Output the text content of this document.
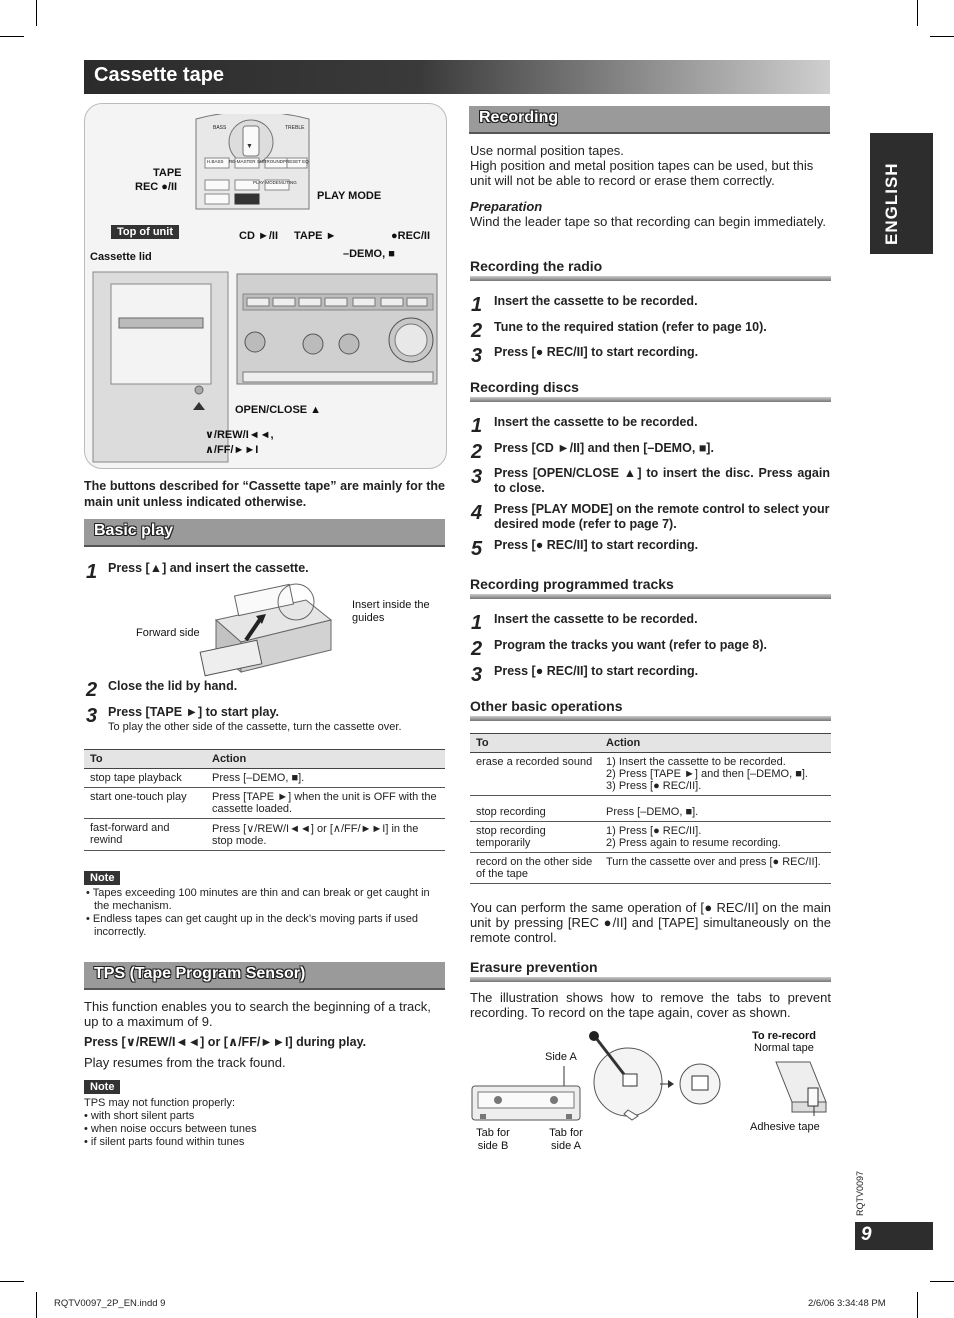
Cassette tape
ENGLISH
▼
BASS	TREBLE
H.BASS RE-MASTER SURROUND PRESET EQ
PLAY MODE MUTING
TAPE
REC ●/II
PLAY MODE
Top of unit
Cassette lid
CD ►/II TAPE ►	●REC/II
–DEMO, ■
OPEN/CLOSE ▲
∨/REW/I◄◄,
∧/FF/►►I
The buttons described for “Cassette tape” are mainly for the main unit unless indicated otherwise.
Basic play
1 Press [▲] and insert the cassette.
Forward side
Insert inside the guides
2 Close the lid by hand.
3 Press [TAPE ►] to start play.
To play the other side of the cassette, turn the cassette over.
To	Action
stop tape playback	Press [–DEMO, ■].
start one-touch play	Press [TAPE ►] when the unit is OFF with the cassette loaded.
fast-forward and rewind	Press [∨/REW/I◄◄] or [∧/FF/►►I] in the stop mode.
Note
• Tapes exceeding 100 minutes are thin and can break or get caught in the mechanism.
• Endless tapes can get caught up in the deck’s moving parts if used incorrectly.
TPS (Tape Program Sensor)
This function enables you to search the beginning of a track, up to a maximum of 9.
Press [∨/REW/I◄◄] or [∧/FF/►►I] during play.
Play resumes from the track found.
Note
TPS may not function properly:
• with short silent parts
• when noise occurs between tunes
• if silent parts found within tunes
Recording
Use normal position tapes.
High position and metal position tapes can be used, but this unit will not be able to record or erase them correctly.
Preparation
Wind the leader tape so that recording can begin immediately.
Recording the radio
1 Insert the cassette to be recorded.
2 Tune to the required station (refer to page 10).
3 Press [● REC/II] to start recording.
Recording discs
1 Insert the cassette to be recorded.
2 Press [CD ►/II] and then [–DEMO, ■].
3 Press [OPEN/CLOSE ▲] to insert the disc. Press again to close.
4 Press [PLAY MODE] on the remote control to select your desired mode (refer to page 7).
5 Press [● REC/II] to start recording.
Recording programmed tracks
1 Insert the cassette to be recorded.
2 Program the tracks you want (refer to page 8).
3 Press [● REC/II] to start recording.
Other basic operations
To	Action
erase a recorded sound	1) Insert the cassette to be recorded.
2) Press [TAPE ►] and then [–DEMO, ■].
3) Press [● REC/II].
stop recording	Press [–DEMO, ■].
stop recording temporarily	1) Press [● REC/II].
2) Press again to resume recording.
record on the other side of the tape	Turn the cassette over and press [● REC/II].
You can perform the same operation of [● REC/II] on the main unit by pressing [REC ●/II] and [TAPE] simultaneously on the remote control.
Erasure prevention
The illustration shows how to remove the tabs to prevent recording. To record on the tape again, cover as shown.
Side A
Tab for side B
Tab for side A
To re-record
Normal tape
Adhesive tape
RQTV0097
9
RQTV0097_2P_EN.indd 9	2/6/06 3:34:48 PM
